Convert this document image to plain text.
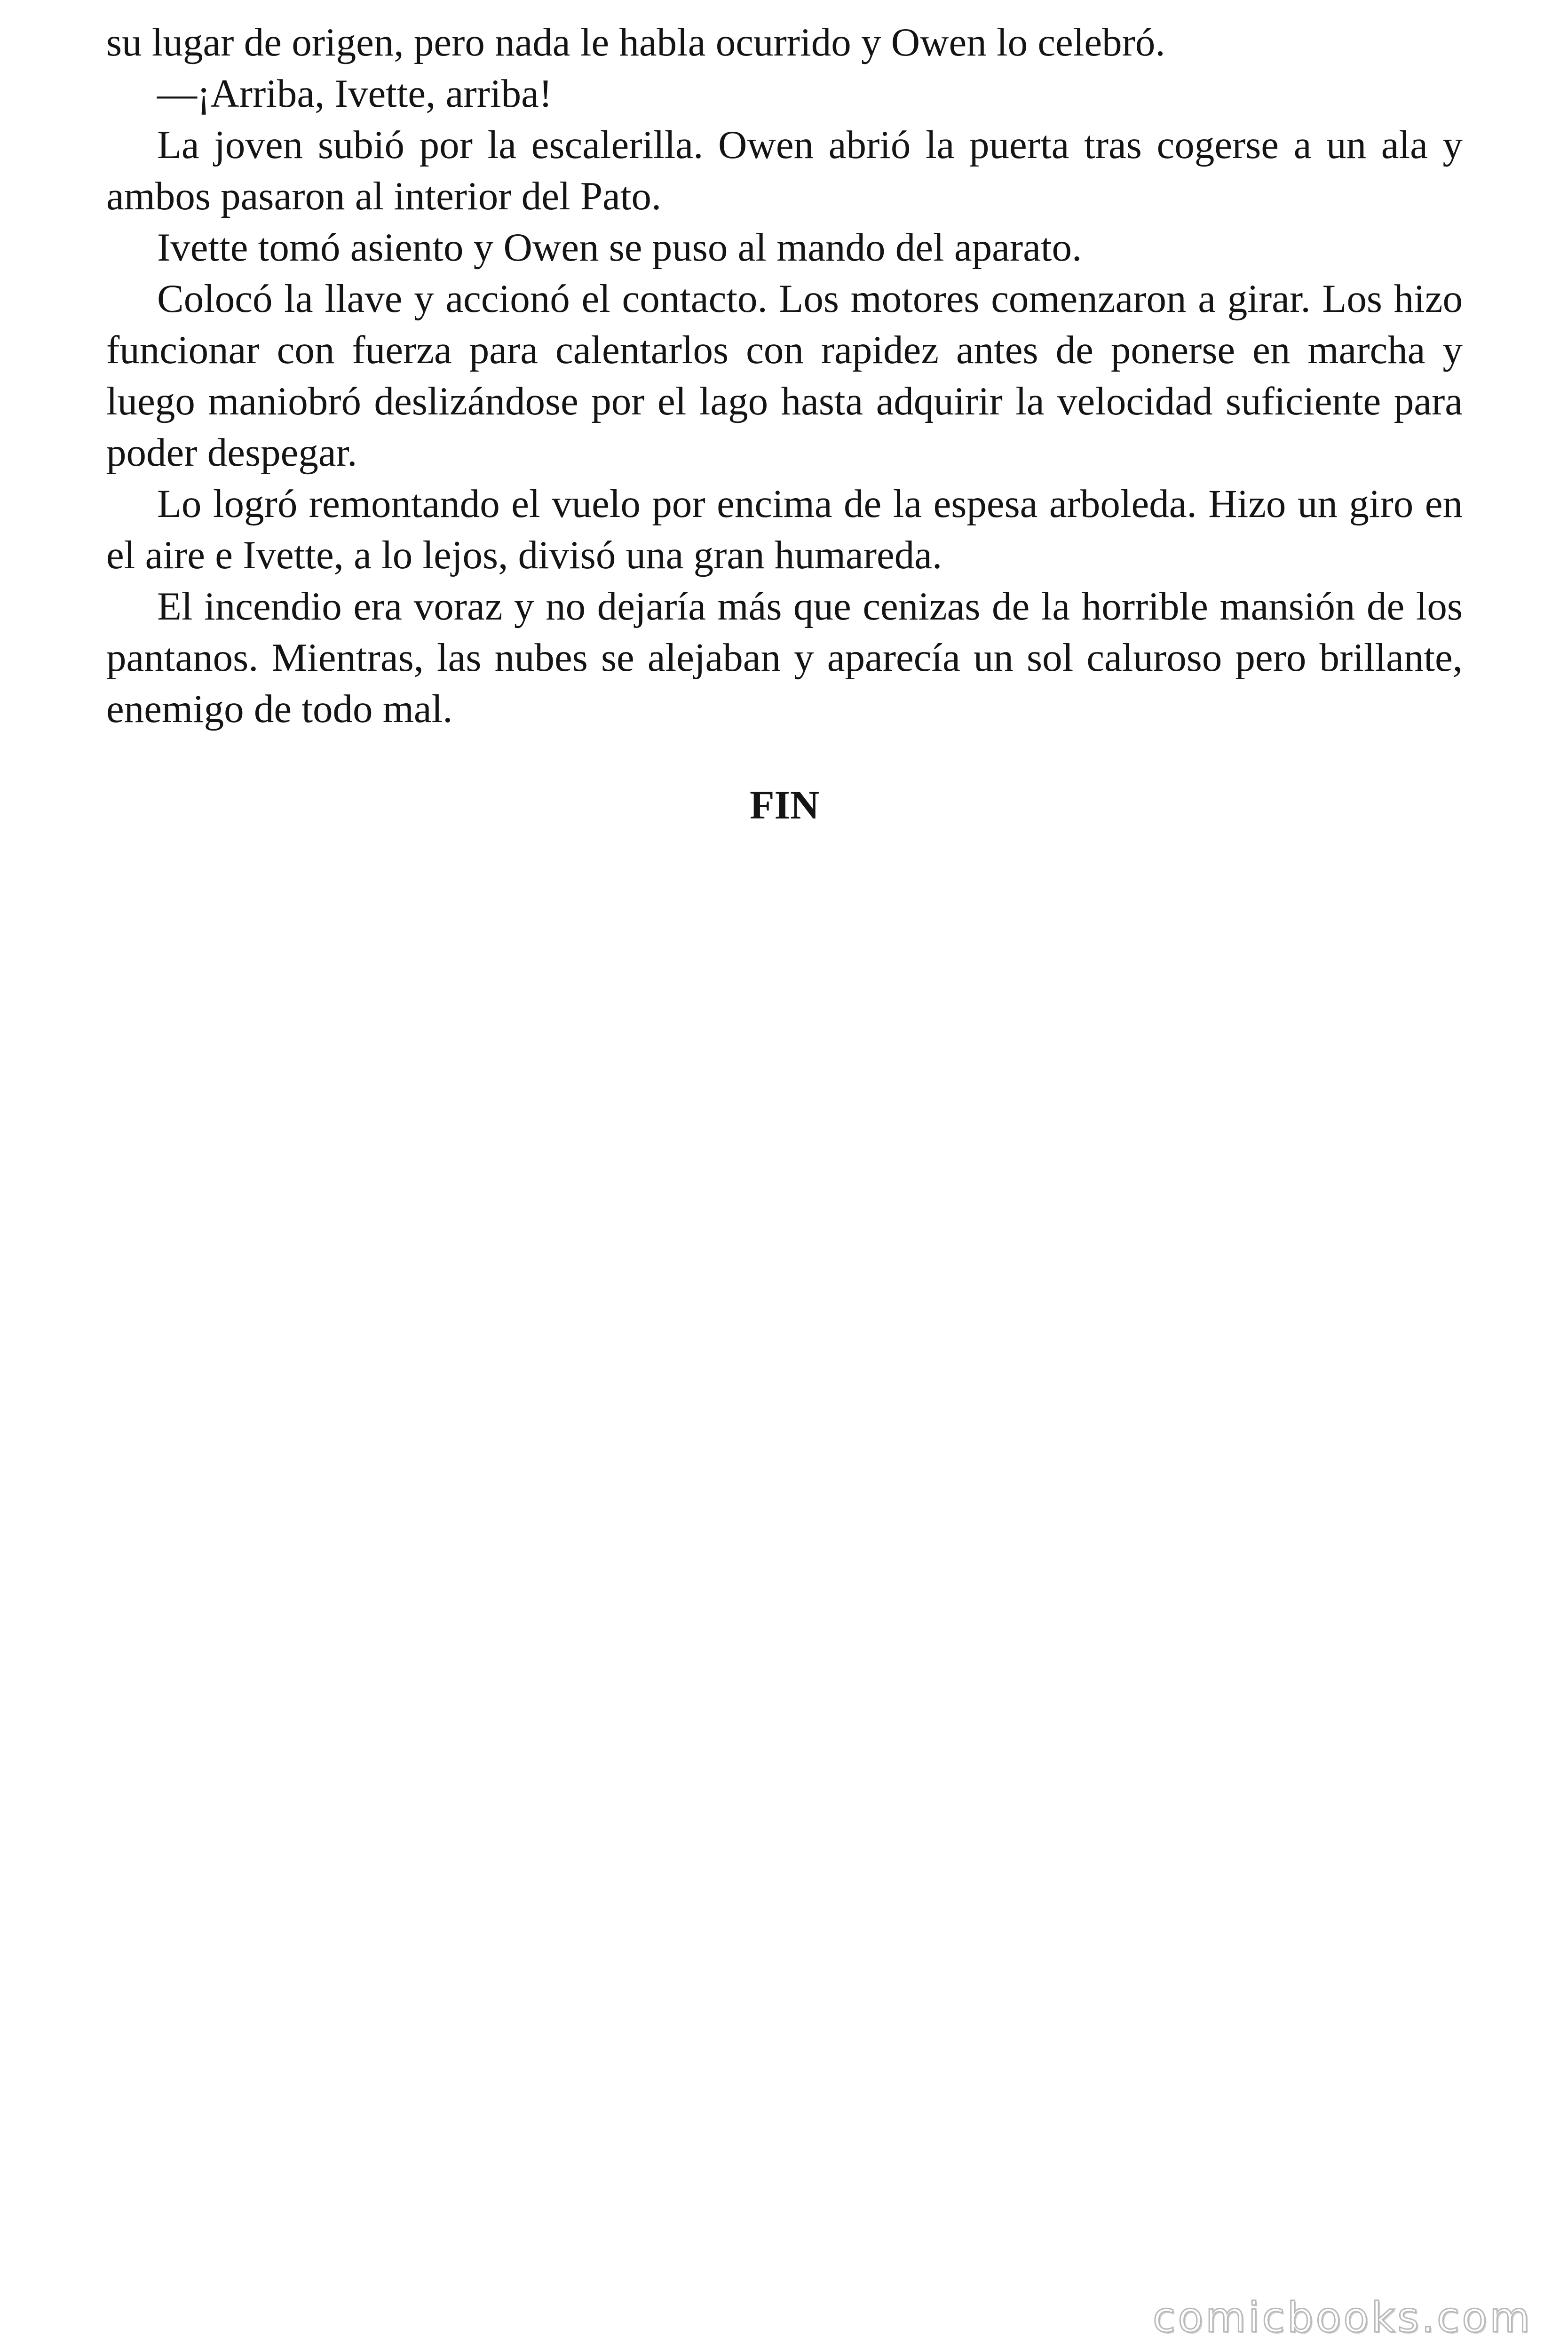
su lugar de origen, pero nada le habla ocurrido y Owen lo celebró.

—¡Arriba, Ivette, arriba!

La joven subió por la escalerilla. Owen abrió la puerta tras cogerse a un ala y ambos pasaron al interior del Pato.

Ivette tomó asiento y Owen se puso al mando del aparato.

Colocó la llave y accionó el contacto. Los motores comenzaron a girar. Los hizo funcionar con fuerza para calentarlos con rapidez antes de ponerse en marcha y luego maniobró deslizándose por el lago hasta adquirir la velocidad suficiente para poder despegar.

Lo logró remontando el vuelo por encima de la espesa arboleda. Hizo un giro en el aire e Ivette, a lo lejos, divisó una gran humareda.

El incendio era voraz y no dejaría más que cenizas de la horrible mansión de los pantanos. Mientras, las nubes se alejaban y aparecía un sol caluroso pero brillante, enemigo de todo mal.

FIN

comicbooks.com
